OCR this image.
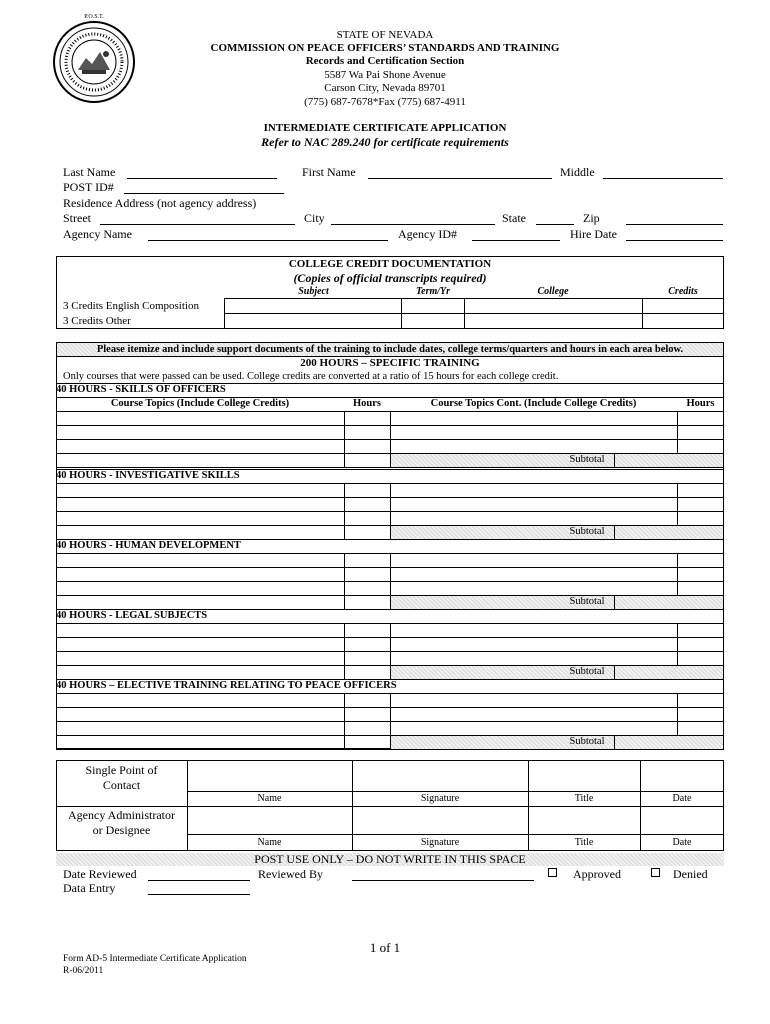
P.O.S.T.
STATE OF NEVADA
COMMISSION ON PEACE OFFICERS’ STANDARDS AND TRAINING
Records and Certification Section
5587 Wa Pai Shone Avenue
Carson City, Nevada 89701
(775) 687-7678*Fax (775) 687-4911
INTERMEDIATE CERTIFICATE APPLICATION
Refer to NAC 289.240 for certificate requirements
Last Name	First Name	Middle
POST ID#
Residence Address (not agency address)
Street	City	State	Zip
Agency Name	Agency ID#	Hire Date
COLLEGE CREDIT DOCUMENTATION
(Copies of official transcripts required)
Subject	Term/Yr	College	Credits
3 Credits English Composition
3 Credits Other
Please itemize and include support documents of the training to include dates, college terms/quarters and hours in each area below.
200 HOURS – SPECIFIC TRAINING
Only courses that were passed can be used. College credits are converted at a ratio of 15 hours for each college credit.
40 HOURS - SKILLS OF OFFICERS
Course Topics (Include College Credits)	Hours	Course Topics Cont. (Include College Credits)	Hours
Subtotal
40 HOURS - INVESTIGATIVE SKILLS
Subtotal
40 HOURS - HUMAN DEVELOPMENT
Subtotal
40 HOURS - LEGAL SUBJECTS
Subtotal
40 HOURS – ELECTIVE TRAINING RELATING TO PEACE OFFICERS
Subtotal
Single Point of
Contact
Agency Administrator
or Designee
Name	Signature	Title	Date
Name	Signature	Title	Date
POST USE ONLY – DO NOT WRITE IN THIS SPACE
Date Reviewed	Reviewed By	Approved	Denied
Data Entry
1 of 1
Form AD-5 Intermediate Certificate Application
R-06/2011
